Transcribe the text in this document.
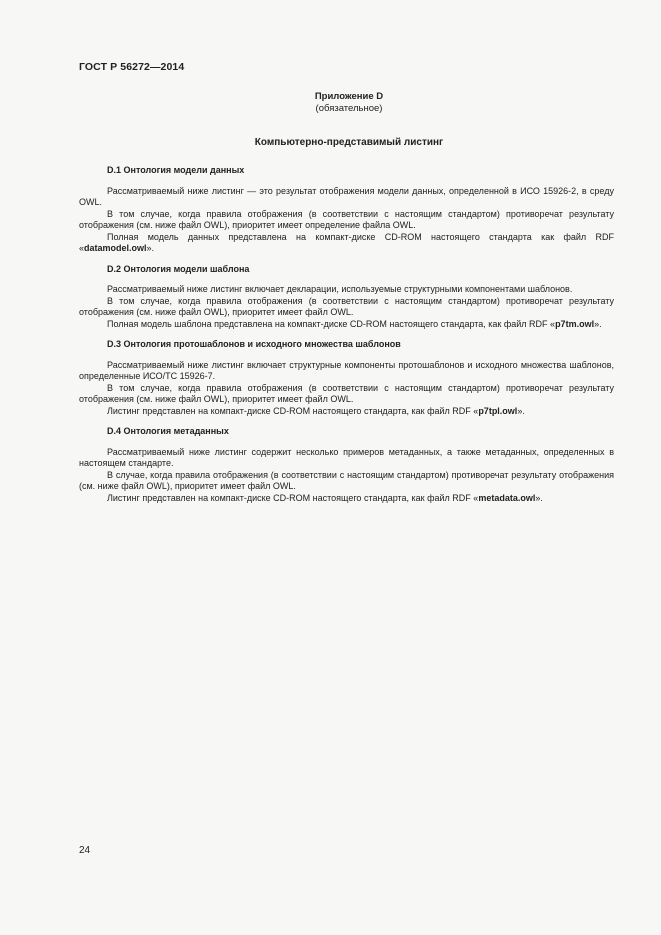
ГОСТ Р 56272—2014
Приложение D
(обязательное)
Компьютерно-представимый листинг
D.1 Онтология модели данных

Рассматриваемый ниже листинг — это результат отображения модели данных, определенной в ИСО 15926-2, в среду OWL.

В том случае, когда правила отображения (в соответствии с настоящим стандартом) противоречат результату отображения (см. ниже файл OWL), приоритет имеет определение файла OWL.

Полная модель данных представлена на компакт-диске CD-ROM настоящего стандарта как файл RDF «datamodel.owl».

D.2 Онтология модели шаблона

Рассматриваемый ниже листинг включает декларации, используемые структурными компонентами шаблонов.

В том случае, когда правила отображения (в соответствии с настоящим стандартом) противоречат результату отображения (см. ниже файл OWL), приоритет имеет файл OWL.

Полная модель шаблона представлена на компакт-диске CD-ROM настоящего стандарта, как файл RDF «p7tm.owl».

D.3 Онтология протошаблонов и исходного множества шаблонов

Рассматриваемый ниже листинг включает структурные компоненты протошаблонов и исходного множества шаблонов, определенные ИСО/ТС 15926-7.

В том случае, когда правила отображения (в соответствии с настоящим стандартом) противоречат результату отображения (см. ниже файл OWL), приоритет имеет файл OWL.

Листинг представлен на компакт-диске CD-ROM настоящего стандарта, как файл RDF «p7tpl.owl».

D.4 Онтология метаданных

Рассматриваемый ниже листинг содержит несколько примеров метаданных, а также метаданных, определенных в настоящем стандарте.

В случае, когда правила отображения (в соответствии с настоящим стандартом) противоречат результату отображения (см. ниже файл OWL), приоритет имеет файл OWL.

Листинг представлен на компакт-диске CD-ROM настоящего стандарта, как файл RDF «metadata.owl».

24
